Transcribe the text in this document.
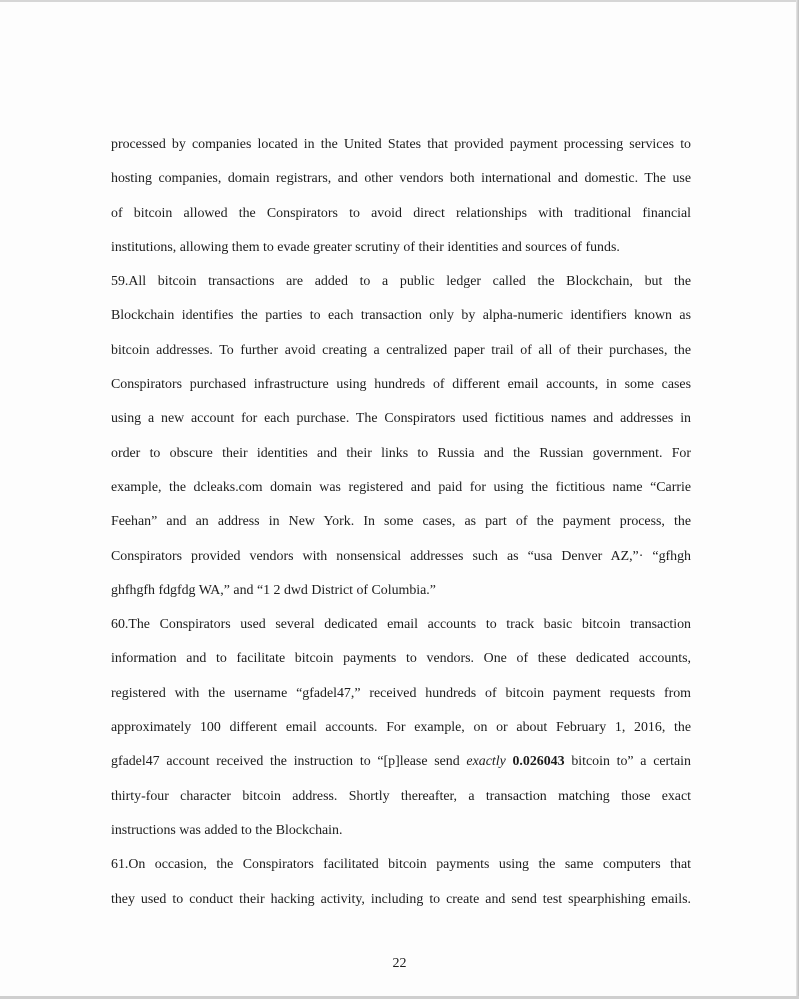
processed by companies located in the United States that provided payment processing services to
hosting companies, domain registrars, and other vendors both international and domestic. The use
of bitcoin allowed the Conspirators to avoid direct relationships with traditional financial
institutions, allowing them to evade greater scrutiny of their identities and sources of funds.
59.All bitcoin transactions are added to a public ledger called the Blockchain, but the
Blockchain identifies the parties to each transaction only by alpha-numeric identifiers known as
bitcoin addresses. To further avoid creating a centralized paper trail of all of their purchases, the
Conspirators purchased infrastructure using hundreds of different email accounts, in some cases
using a new account for each purchase. The Conspirators used fictitious names and addresses in
order to obscure their identities and their links to Russia and the Russian government. For
example, the dcleaks.com domain was registered and paid for using the fictitious name “Carrie
Feehan” and an address in New York. In some cases, as part of the payment process, the
Conspirators provided vendors with nonsensical addresses such as “usa Denver AZ,”· “gfhgh
ghfhgfh fdgfdg WA,” and “1 2 dwd District of Columbia.”
60.The Conspirators used several dedicated email accounts to track basic bitcoin transaction
information and to facilitate bitcoin payments to vendors. One of these dedicated accounts,
registered with the username “gfadel47,” received hundreds of bitcoin payment requests from
approximately 100 different email accounts. For example, on or about February 1, 2016, the
gfadel47 account received the instruction to “[p]lease send exactly 0.026043 bitcoin to” a certain
thirty-four character bitcoin address. Shortly thereafter, a transaction matching those exact
instructions was added to the Blockchain.
61.On occasion, the Conspirators facilitated bitcoin payments using the same computers that
they used to conduct their hacking activity, including to create and send test spearphishing emails.
22
